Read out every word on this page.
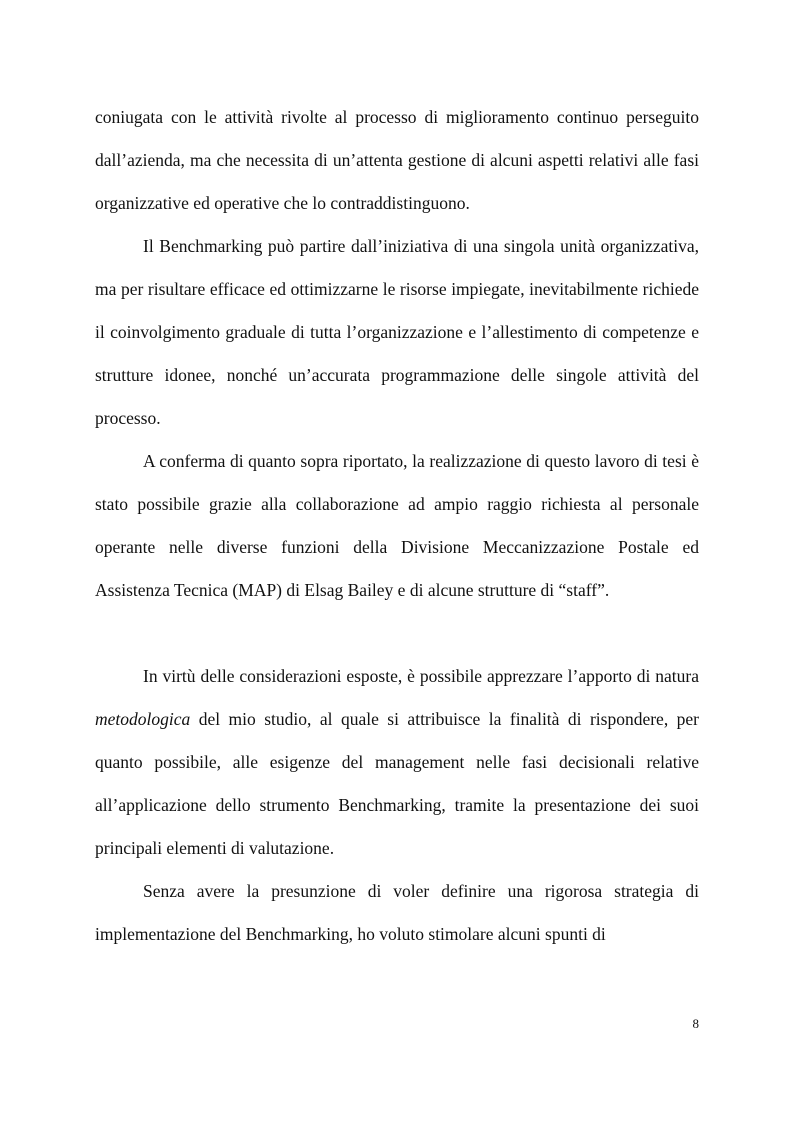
coniugata con le attività rivolte al processo di miglioramento continuo perseguito dall’azienda, ma che necessita di un’attenta gestione di alcuni aspetti relativi alle fasi organizzative ed operative che lo contraddistinguono.

Il Benchmarking può partire dall’iniziativa di una singola unità organizzativa, ma per risultare efficace ed ottimizzarne le risorse impiegate, inevitabilmente richiede il coinvolgimento graduale di tutta l’organizzazione e l’allestimento di competenze e strutture idonee, nonché un’accurata programmazione delle singole attività del processo.

A conferma di quanto sopra riportato, la realizzazione di questo lavoro di tesi è stato possibile grazie alla collaborazione ad ampio raggio richiesta al personale operante nelle diverse funzioni della Divisione Meccanizzazione Postale ed Assistenza Tecnica (MAP) di Elsag Bailey e di alcune strutture di “staff”.

In virtù delle considerazioni esposte, è possibile apprezzare l’apporto di natura metodologica del mio studio, al quale si attribuisce la finalità di rispondere, per quanto possibile, alle esigenze del management nelle fasi decisionali relative all’applicazione dello strumento Benchmarking, tramite la presentazione dei suoi principali elementi di valutazione.

Senza avere la presunzione di voler definire una rigorosa strategia di implementazione del Benchmarking, ho voluto stimolare alcuni spunti di

8
